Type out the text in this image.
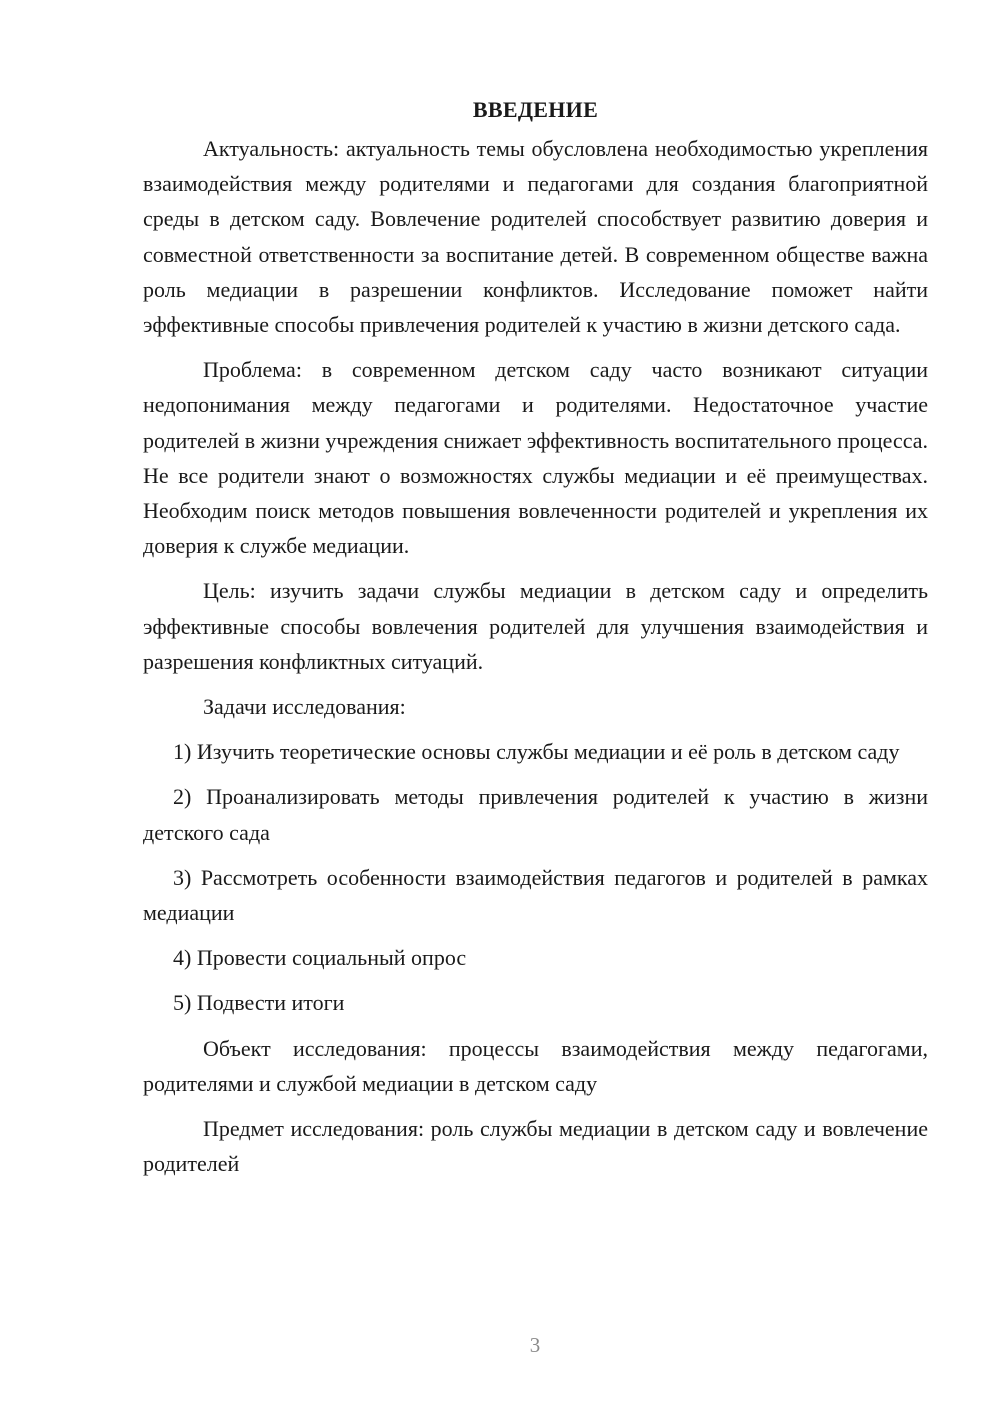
ВВЕДЕНИЕ

Актуальность: актуальность темы обусловлена необходимостью укрепления взаимодействия между родителями и педагогами для создания благоприятной среды в детском саду. Вовлечение родителей способствует развитию доверия и совместной ответственности за воспитание детей. В современном обществе важна роль медиации в разрешении конфликтов. Исследование поможет найти эффективные способы привлечения родителей к участию в жизни детского сада.

Проблема: в современном детском саду часто возникают ситуации недопонимания между педагогами и родителями. Недостаточное участие родителей в жизни учреждения снижает эффективность воспитательного процесса. Не все родители знают о возможностях службы медиации и её преимуществах. Необходим поиск методов повышения вовлеченности родителей и укрепления их доверия к службе медиации.

Цель: изучить задачи службы медиации в детском саду и определить эффективные способы вовлечения родителей для улучшения взаимодействия и разрешения конфликтных ситуаций.

Задачи исследования:

1) Изучить теоретические основы службы медиации и её роль в детском саду

2) Проанализировать методы привлечения родителей к участию в жизни детского сада

3) Рассмотреть особенности взаимодействия педагогов и родителей в рамках медиации

4) Провести социальный опрос

5) Подвести итоги

Объект исследования: процессы взаимодействия между педагогами, родителями и службой медиации в детском саду

Предмет исследования: роль службы медиации в детском саду и вовлечение родителей

3
